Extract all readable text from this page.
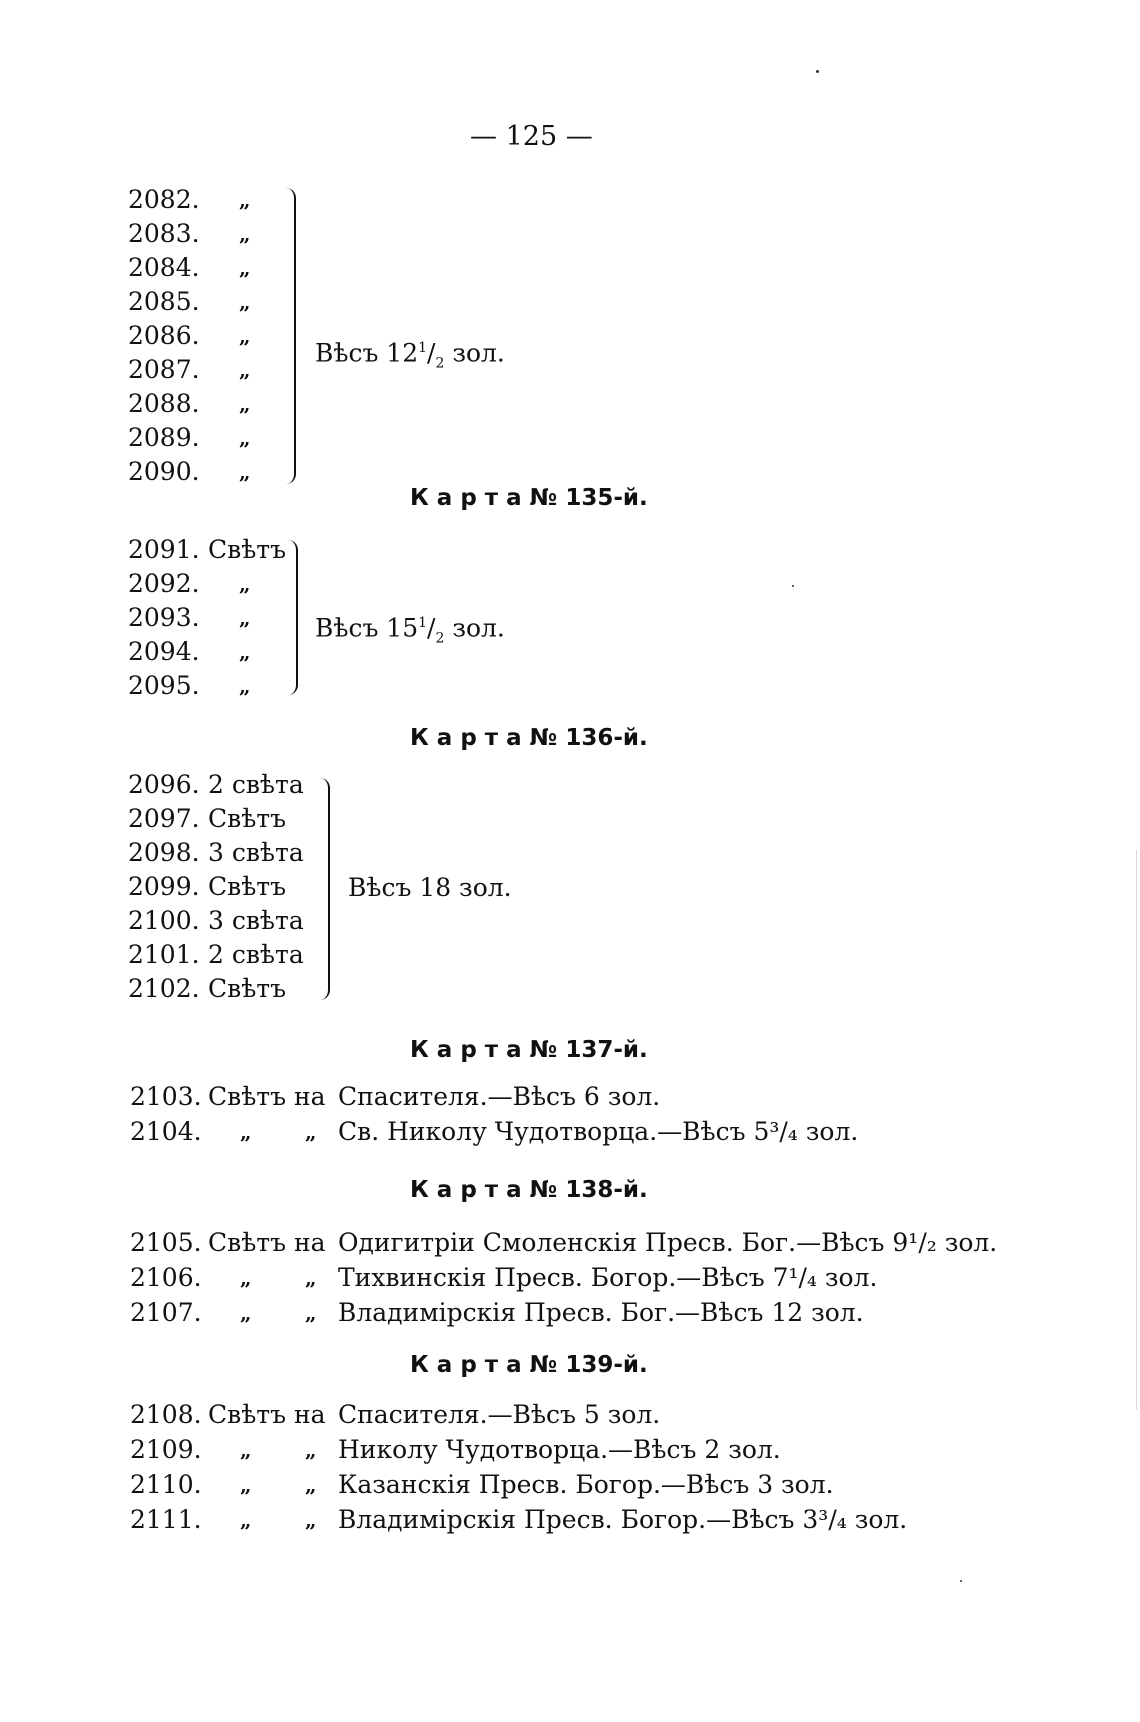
— 125 —
2082. „
2083. „
2084. „
2085. „
2086. „
2087. „
2088. „
2089. „
2090. „
Вѣсъ $12^1/_2$ зол.
К а р т а № 135-й.
2091. Свѣтъ
2092. „
2093. „
2094. „
2095. „
Вѣсъ $15^1/_2$ зол.
К а р т а № 136-й.
2096. 2 свѣта
2097. Свѣтъ
2098. 3 свѣта
2099. Свѣтъ
2100. 3 свѣта
2101. 2 свѣта
2102. Свѣтъ
Вѣсъ 18 зол.
К а р т а № 137-й.
2103. Свѣтъ на Спасителя.—Вѣсъ 6 зол.
2104. „	„ Св. Николу Чудотворца.—Вѣсъ 5³/₄ зол.
К а р т а № 138-й.
2105. Свѣтъ на Одигитріи Смоленскія Пресв. Бог.—Вѣсъ 9¹/₂ зол.
2106. „	„ Тихвинскія Пресв. Богор.—Вѣсъ 7¹/₄ зол.
2107. „	„ Владимірскія Пресв. Бог.—Вѣсъ 12 зол.
К а р т а № 139-й.
2108. Свѣтъ на Спасителя.—Вѣсъ 5 зол.
2109. „	„ Николу Чудотворца.—Вѣсъ 2 зол.
2110. „	„ Казанскія Пресв. Богор.—Вѣсъ 3 зол.
2111. „	„ Владимірскія Пресв. Богор.—Вѣсъ 3³/₄ зол.
